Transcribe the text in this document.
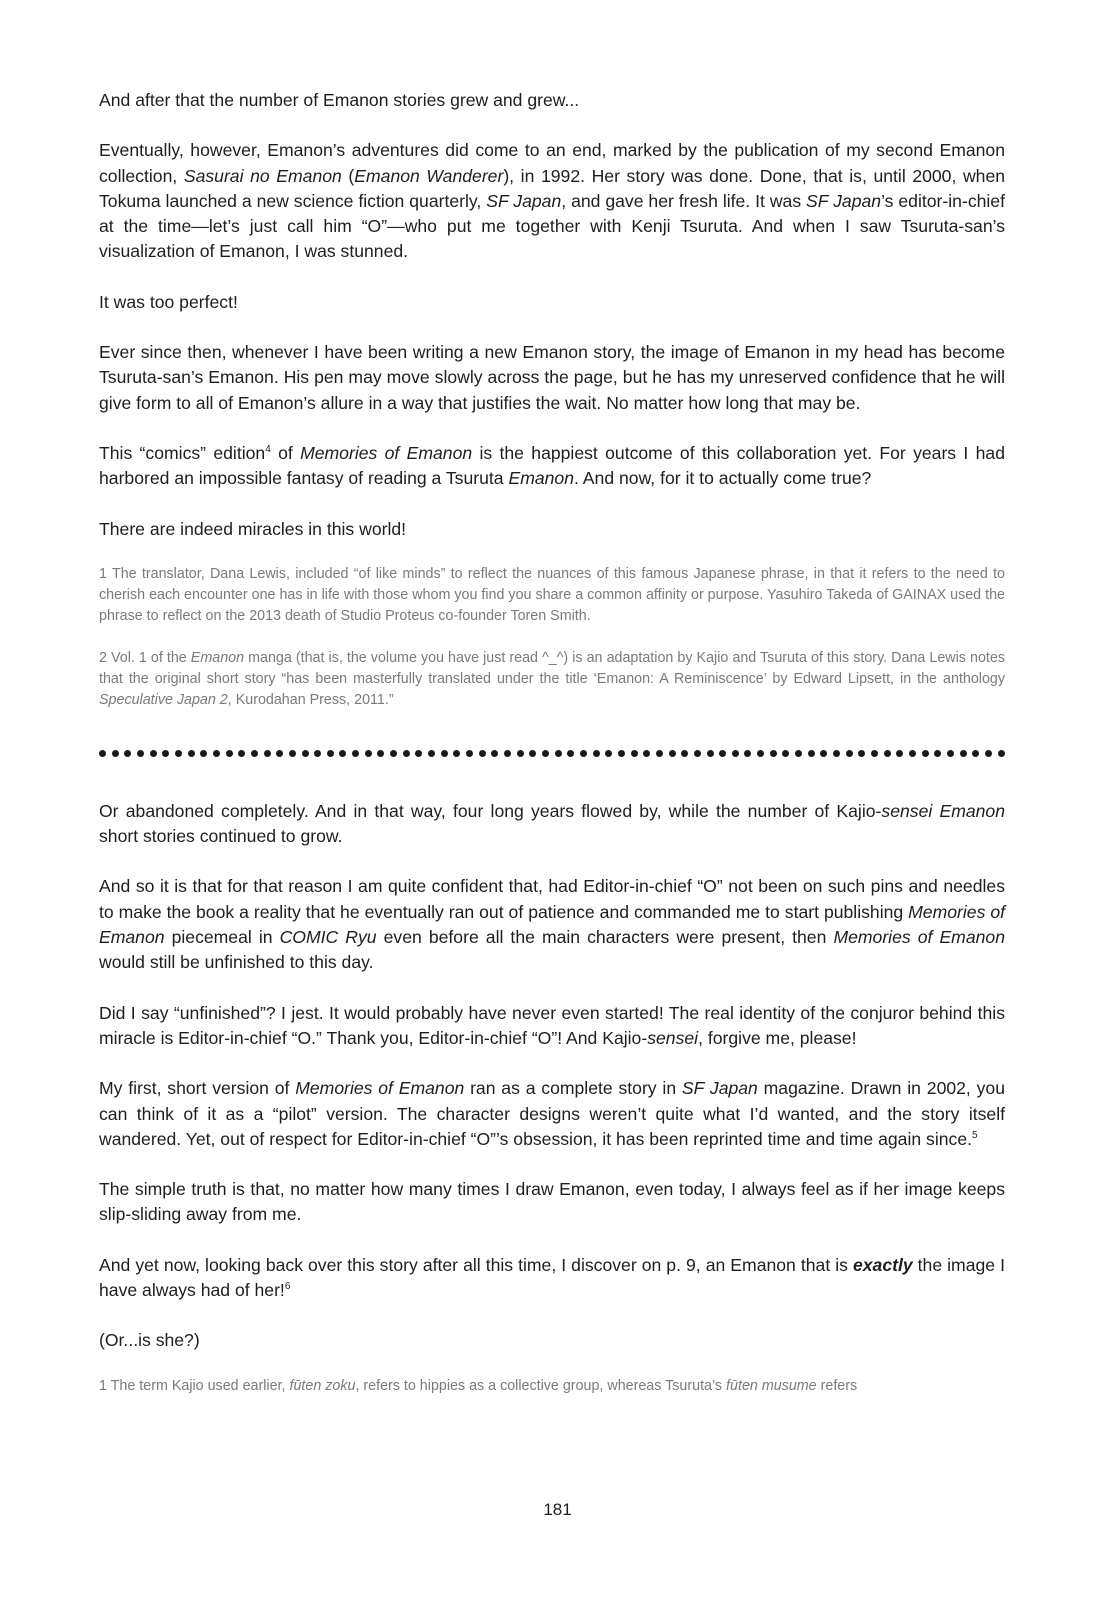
And after that the number of Emanon stories grew and grew...

Eventually, however, Emanon’s adventures did come to an end, marked by the publication of my second Emanon collection, Sasurai no Emanon (Emanon Wanderer), in 1992. Her story was done. Done, that is, until 2000, when Tokuma launched a new science fiction quarterly, SF Japan, and gave her fresh life. It was SF Japan’s editor-in-chief at the time—let’s just call him “O”—who put me together with Kenji Tsuruta. And when I saw Tsuruta-san’s visualization of Emanon, I was stunned.

It was too perfect!

Ever since then, whenever I have been writing a new Emanon story, the image of Emanon in my head has become Tsuruta-san’s Emanon. His pen may move slowly across the page, but he has my unreserved confidence that he will give form to all of Emanon’s allure in a way that justifies the wait. No matter how long that may be.

This “comics” edition$^4$ of Memories of Emanon is the happiest outcome of this collaboration yet. For years I had harbored an impossible fantasy of reading a Tsuruta Emanon. And now, for it to actually come true?

There are indeed miracles in this world!

1 The translator, Dana Lewis, included “of like minds” to reflect the nuances of this famous Japanese phrase, in that it refers to the need to cherish each encounter one has in life with those whom you find you share a common affinity or purpose. Yasuhiro Takeda of GAINAX used the phrase to reflect on the 2013 death of Studio Proteus co-founder Toren Smith.

2 Vol. 1 of the Emanon manga (that is, the volume you have just read ^_^) is an adaptation by Kajio and Tsuruta of this story. Dana Lewis notes that the original short story “has been masterfully translated under the title ‘Emanon: A Reminiscence’ by Edward Lipsett, in the anthology Speculative Japan 2, Kurodahan Press, 2011.”

Or abandoned completely. And in that way, four long years flowed by, while the number of Kajio-sensei Emanon short stories continued to grow.

And so it is that for that reason I am quite confident that, had Editor-in-chief “O” not been on such pins and needles to make the book a reality that he eventually ran out of patience and commanded me to start publishing Memories of Emanon piecemeal in COMIC Ryu even before all the main characters were present, then Memories of Emanon would still be unfinished to this day.

Did I say “unfinished”? I jest. It would probably have never even started! The real identity of the conjuror behind this miracle is Editor-in-chief “O.” Thank you, Editor-in-chief “O”! And Kajio-sensei, forgive me, please!

My first, short version of Memories of Emanon ran as a complete story in SF Japan magazine. Drawn in 2002, you can think of it as a “pilot” version. The character designs weren’t quite what I’d wanted, and the story itself wandered. Yet, out of respect for Editor-in-chief “O”’s obsession, it has been reprinted time and time again since.$^5$

The simple truth is that, no matter how many times I draw Emanon, even today, I always feel as if her image keeps slip-sliding away from me.

And yet now, looking back over this story after all this time, I discover on p. 9, an Emanon that is exactly the image I have always had of her!$^6$

(Or...is she?)

1 The term Kajio used earlier, fūten zoku, refers to hippies as a collective group, whereas Tsuruta’s fūten musume refers

181
